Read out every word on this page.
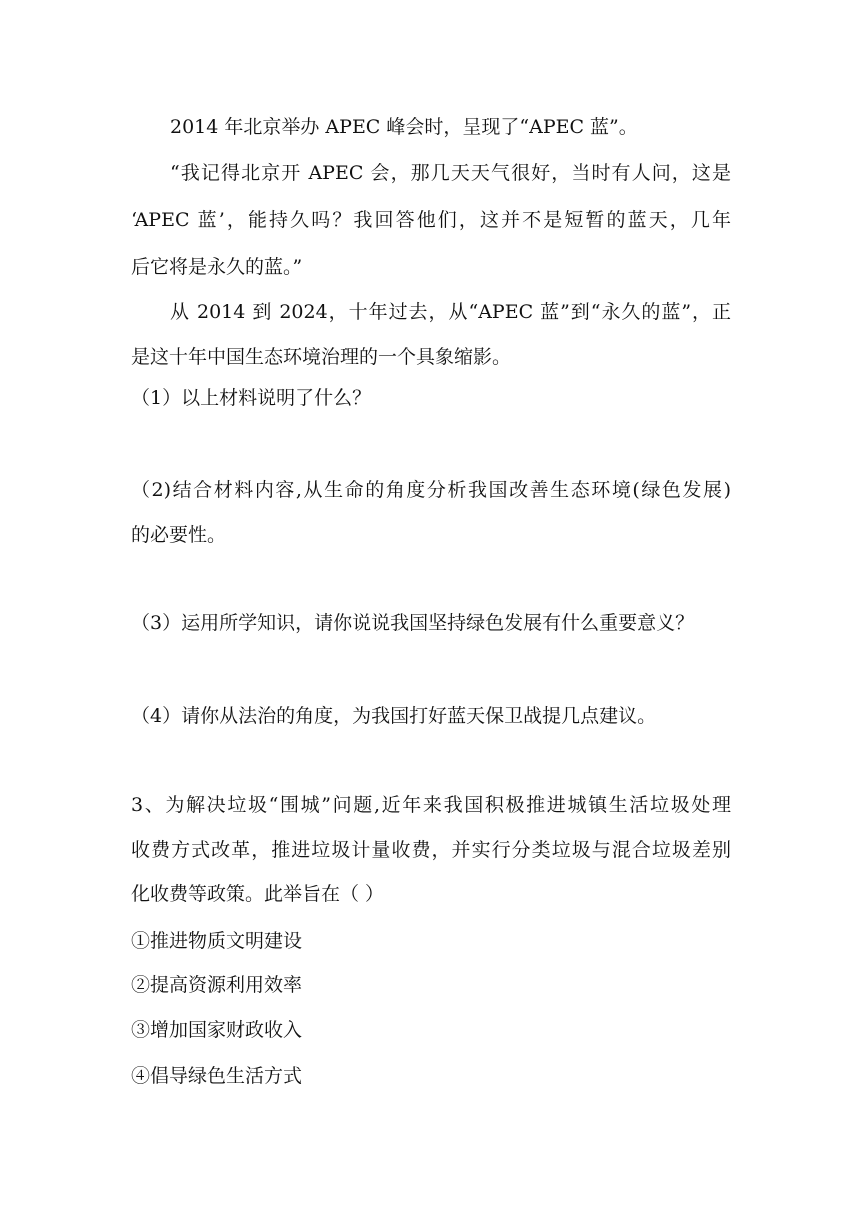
2014 年北京举办 APEC 峰会时，呈现了“APEC 蓝”。
“我记得北京开 APEC 会，那几天天气很好，当时有人问，这是
‘APEC 蓝’，能持久吗？我回答他们，这并不是短暂的蓝天，几年
后它将是永久的蓝。”
从 2014 到 2024，十年过去，从“APEC 蓝”到“永久的蓝”，正
是这十年中国生态环境治理的一个具象缩影。
（1）以上材料说明了什么？
（2)结合材料内容,从生命的角度分析我国改善生态环境(绿色发展)
的必要性。
（3）运用所学知识，请你说说我国坚持绿色发展有什么重要意义？
（4）请你从法治的角度，为我国打好蓝天保卫战提几点建议。
3、为解决垃圾“围城”问题,近年来我国积极推进城镇生活垃圾处理
收费方式改革，推进垃圾计量收费，并实行分类垃圾与混合垃圾差别
化收费等政策。此举旨在（ ）
①推进物质文明建设
②提高资源利用效率
③增加国家财政收入
④倡导绿色生活方式
